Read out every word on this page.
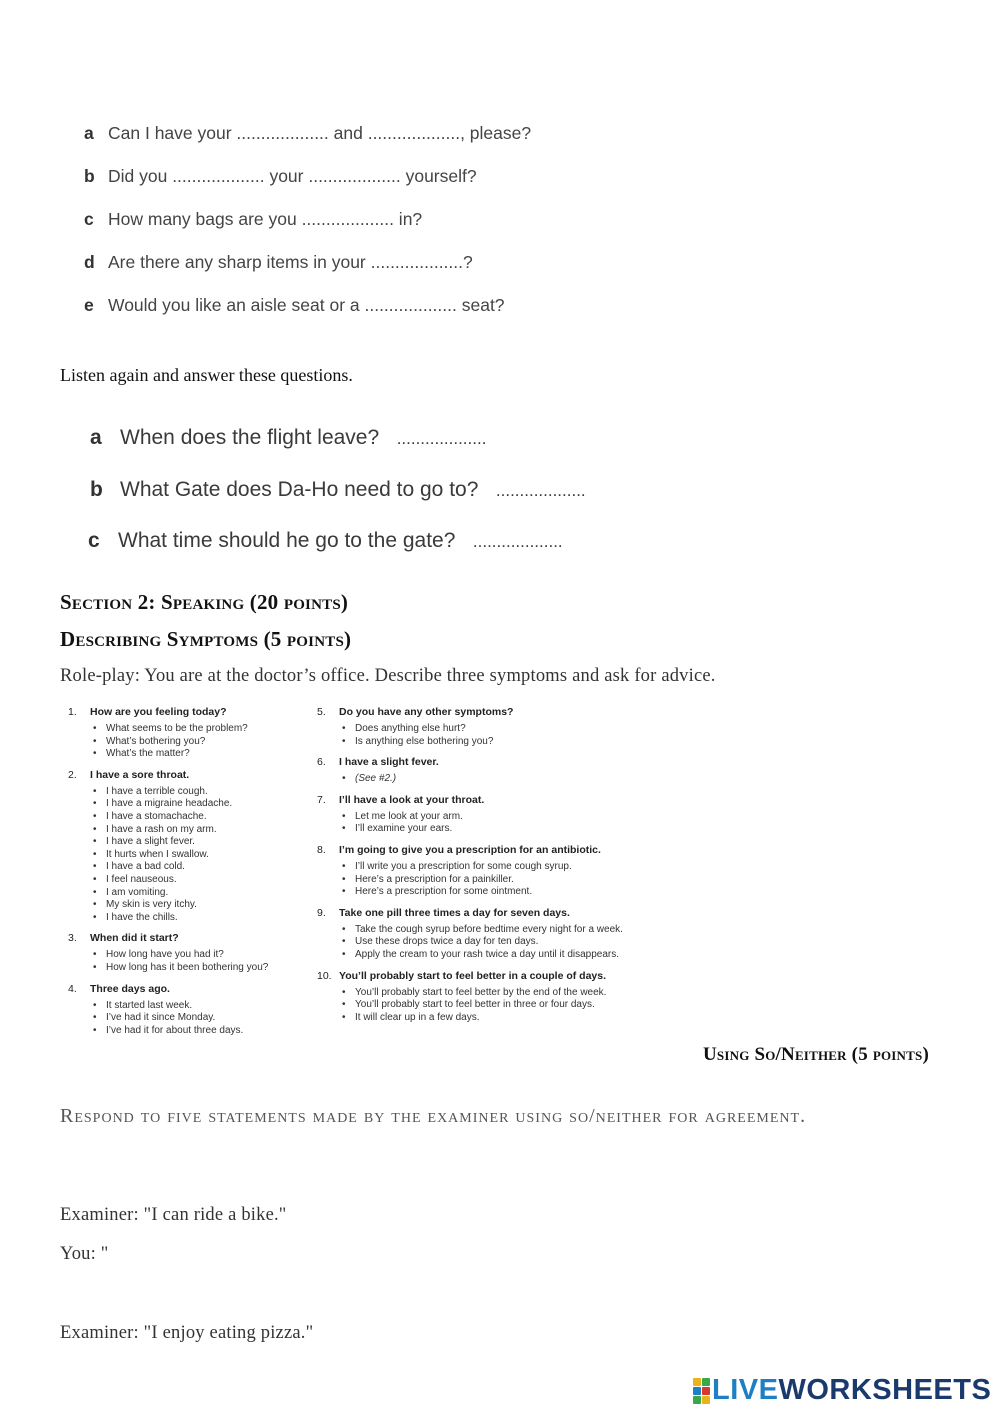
a Can I have your ................... and ..................., please?
b Did you ................... your ................... yourself?
c How many bags are you ................... in?
d Are there any sharp items in your ...................?
e Would you like an aisle seat or a ................... seat?
Listen again and answer these questions.
a When does the flight leave? ...................
b What Gate does Da-Ho need to go to? ...................
c What time should he go to the gate? ...................
Section 2: Speaking (20 points)
Describing Symptoms (5 points)
Role-play: You are at the doctor’s office. Describe three symptoms and ask for advice.
1. How are you feeling today?
• What seems to be the problem?
• What’s bothering you?
• What’s the matter?
2. I have a sore throat.
• I have a terrible cough.
• I have a migraine headache.
• I have a stomachache.
• I have a rash on my arm.
• I have a slight fever.
• It hurts when I swallow.
• I have a bad cold.
• I feel nauseous.
• I am vomiting.
• My skin is very itchy.
• I have the chills.
3. When did it start?
• How long have you had it?
• How long has it been bothering you?
4. Three days ago.
• It started last week.
• I’ve had it since Monday.
• I’ve had it for about three days.
5. Do you have any other symptoms?
• Does anything else hurt?
• Is anything else bothering you?
6. I have a slight fever.
• (See #2.)
7. I’ll have a look at your throat.
• Let me look at your arm.
• I’ll examine your ears.
8. I’m going to give you a prescription for an antibiotic.
• I’ll write you a prescription for some cough syrup.
• Here’s a prescription for a painkiller.
• Here’s a prescription for some ointment.
9. Take one pill three times a day for seven days.
• Take the cough syrup before bedtime every night for a week.
• Use these drops twice a day for ten days.
• Apply the cream to your rash twice a day until it disappears.
10. You’ll probably start to feel better in a couple of days.
• You’ll probably start to feel better by the end of the week.
• You’ll probably start to feel better in three or four days.
• It will clear up in a few days.
Using So/Neither (5 points)
Respond to five statements made by the examiner using so/neither for agreement.
Examiner: "I can ride a bike."
You: "
Examiner: "I enjoy eating pizza."
LIVE WORKSHEETS
